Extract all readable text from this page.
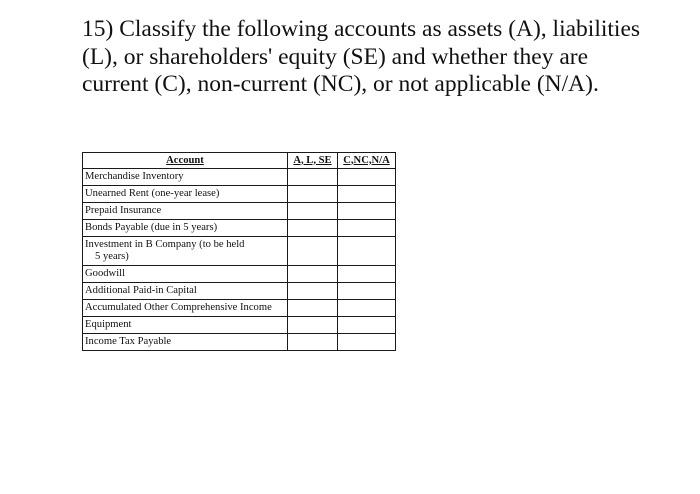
15) Classify the following accounts as assets (A), liabilities (L), or shareholders' equity (SE) and whether they are current (C), non-current (NC), or not applicable (N/A).

Account	A, L, SE	C,NC,N/A
Merchandise Inventory		
Unearned Rent (one-year lease)		
Prepaid Insurance		
Bonds Payable (due in 5 years)		
Investment in B Company (to be held
5 years)		
Goodwill		
Additional Paid-in Capital		
Accumulated Other Comprehensive Income		
Equipment		
Income Tax Payable		
